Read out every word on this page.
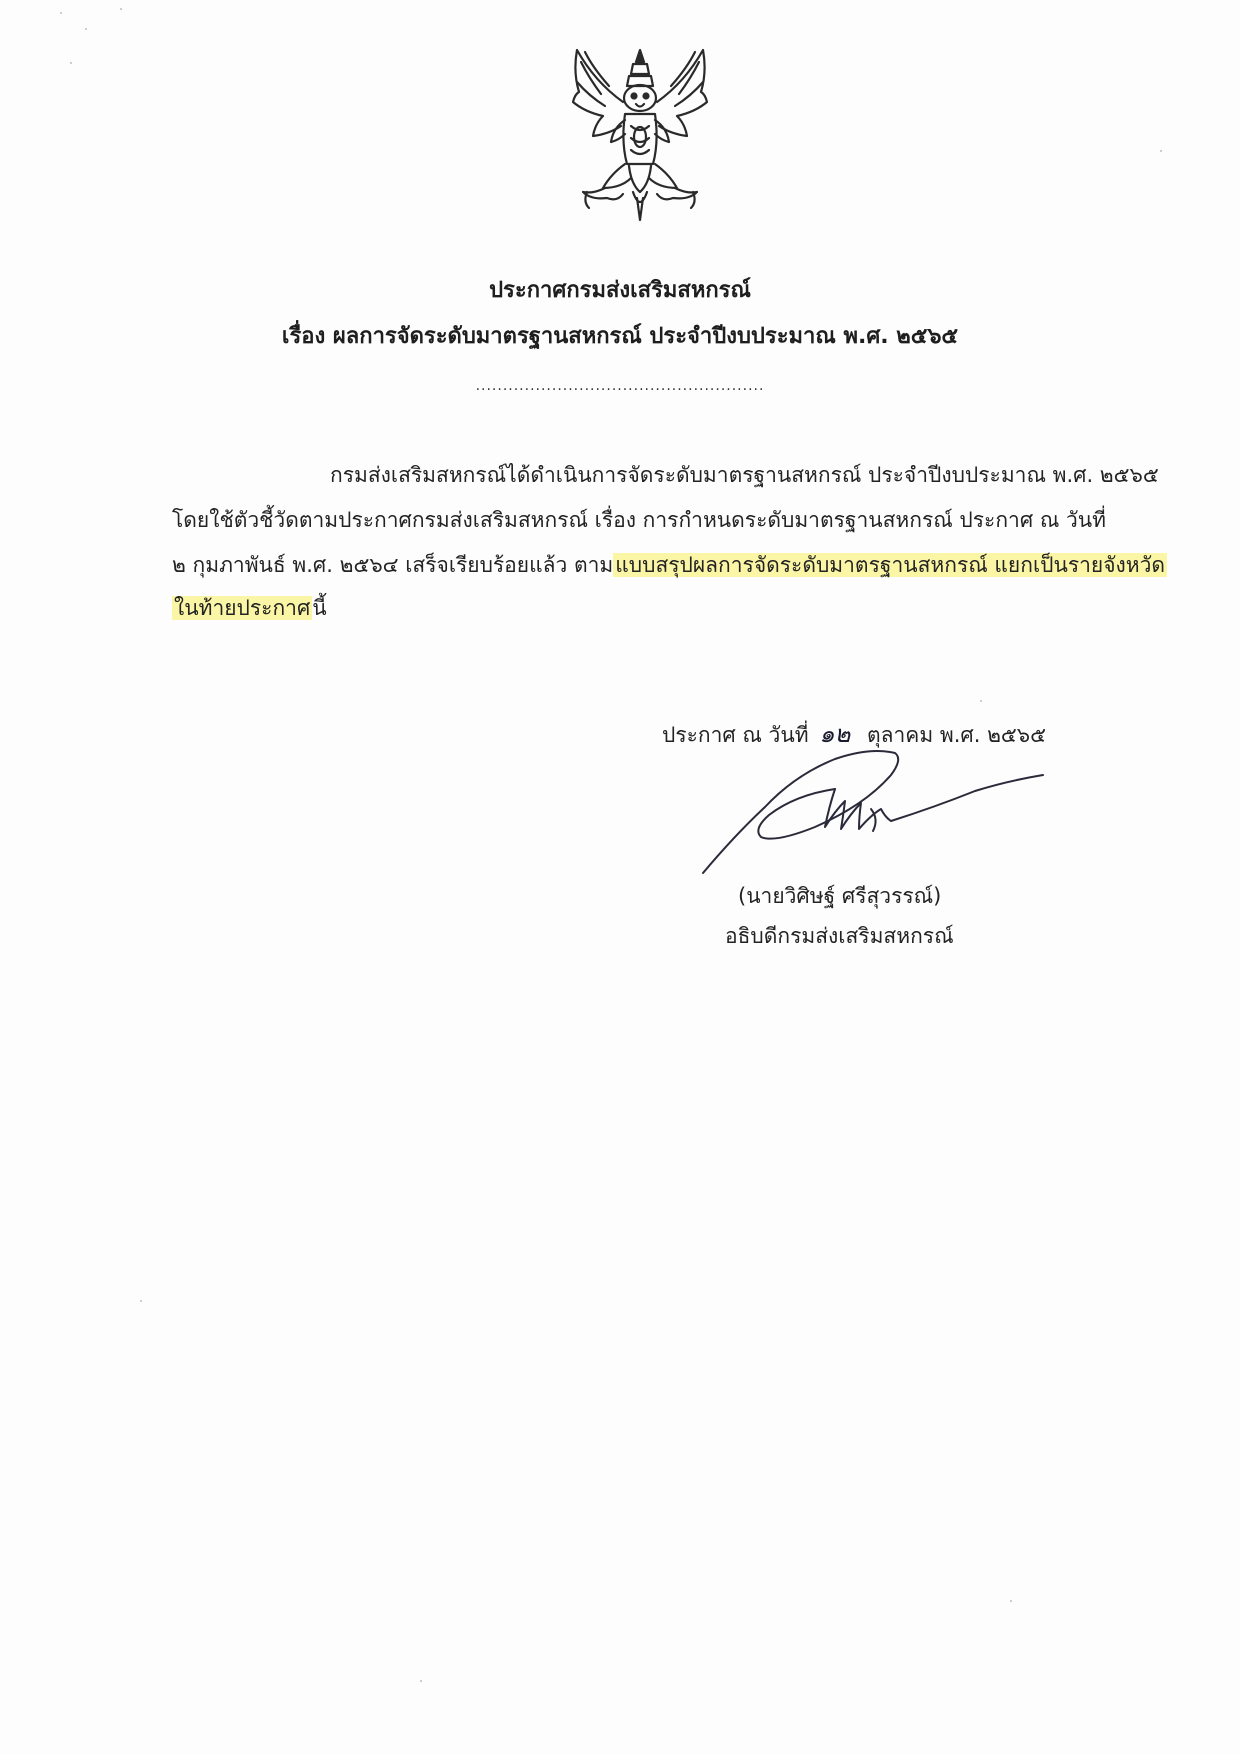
ประกาศกรมส่งเสริมสหกรณ์
เรื่อง ผลการจัดระดับมาตรฐานสหกรณ์ ประจำปีงบประมาณ พ.ศ. ๒๕๖๕
.....................................................
กรมส่งเสริมสหกรณ์ได้ดำเนินการจัดระดับมาตรฐานสหกรณ์ ประจำปีงบประมาณ พ.ศ. ๒๕๖๕
โดยใช้ตัวชี้วัดตามประกาศกรมส่งเสริมสหกรณ์ เรื่อง การกำหนดระดับมาตรฐานสหกรณ์ ประกาศ ณ วันที่
๒ กุมภาพันธ์ พ.ศ. ๒๕๖๔ เสร็จเรียบร้อยแล้ว ตามแบบสรุปผลการจัดระดับมาตรฐานสหกรณ์ แยกเป็นรายจังหวัด
ในท้ายประกาศนี้
ประกาศ ณ วันที่ ๑๒ ตุลาคม พ.ศ. ๒๕๖๕
(นายวิศิษฐ์ ศรีสุวรรณ์)
อธิบดีกรมส่งเสริมสหกรณ์
